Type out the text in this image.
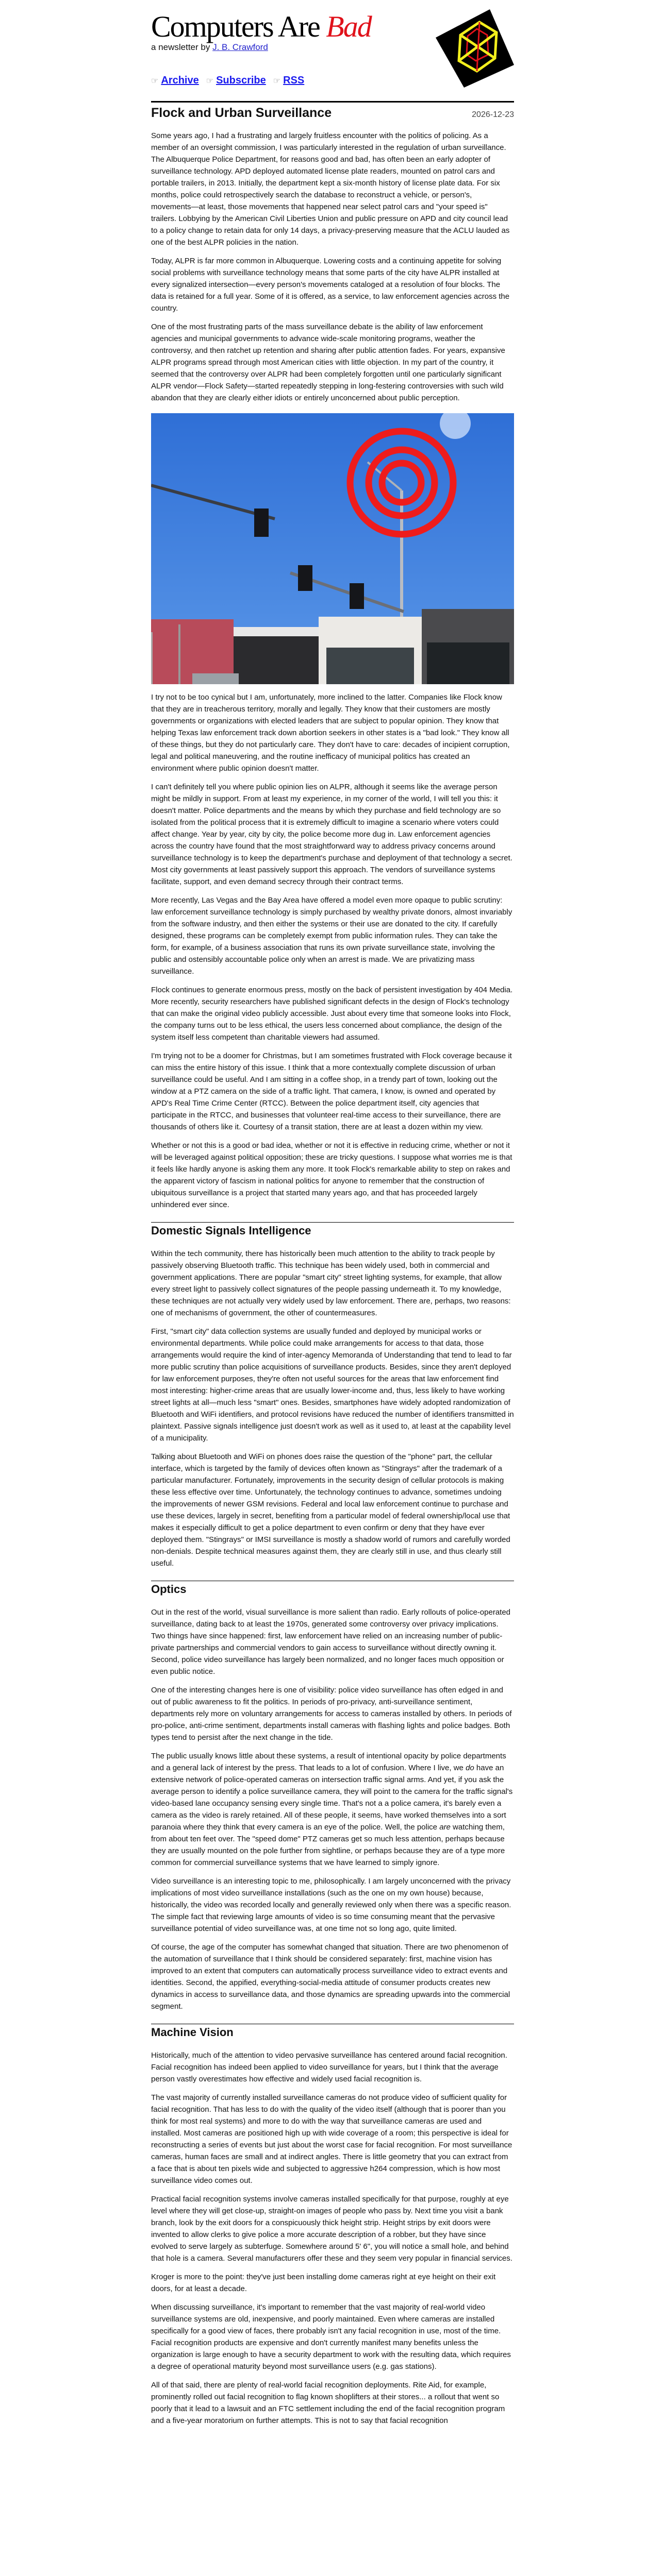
Computers Are Bad
a newsletter by J. B. Crawford
☞ Archive ☞ Subscribe ☞ RSS
Flock and Urban Surveillance	2026-12-23

Some years ago, I had a frustrating and largely fruitless encounter with the politics of policing. As a member of an oversight commission, I was particularly interested in the regulation of urban surveillance. The Albuquerque Police Department, for reasons good and bad, has often been an early adopter of surveillance technology. APD deployed automated license plate readers, mounted on patrol cars and portable trailers, in 2013. Initially, the department kept a six-month history of license plate data. For six months, police could retrospectively search the database to reconstruct a vehicle, or person's, movements—at least, those movements that happened near select patrol cars and "your speed is" trailers. Lobbying by the American Civil Liberties Union and public pressure on APD and city council lead to a policy change to retain data for only 14 days, a privacy-preserving measure that the ACLU lauded as one of the best ALPR policies in the nation.

Today, ALPR is far more common in Albuquerque. Lowering costs and a continuing appetite for solving social problems with surveillance technology means that some parts of the city have ALPR installed at every signalized intersection—every person's movements cataloged at a resolution of four blocks. The data is retained for a full year. Some of it is offered, as a service, to law enforcement agencies across the country.

One of the most frustrating parts of the mass surveillance debate is the ability of law enforcement agencies and municipal governments to advance wide-scale monitoring programs, weather the controversy, and then ratchet up retention and sharing after public attention fades. For years, expansive ALPR programs spread through most American cities with little objection. In my part of the country, it seemed that the controversy over ALPR had been completely forgotten until one particularly significant ALPR vendor—Flock Safety—started repeatedly stepping in long-festering controversies with such wild abandon that they are clearly either idiots or entirely unconcerned about public perception.

I try not to be too cynical but I am, unfortunately, more inclined to the latter. Companies like Flock know that they are in treacherous territory, morally and legally. They know that their customers are mostly governments or organizations with elected leaders that are subject to popular opinion. They know that helping Texas law enforcement track down abortion seekers in other states is a "bad look." They know all of these things, but they do not particularly care. They don't have to care: decades of incipient corruption, legal and political maneuvering, and the routine inefficacy of municipal politics has created an environment where public opinion doesn't matter.

I can't definitely tell you where public opinion lies on ALPR, although it seems like the average person might be mildly in support. From at least my experience, in my corner of the world, I will tell you this: it doesn't matter. Police departments and the means by which they purchase and field technology are so isolated from the political process that it is extremely difficult to imagine a scenario where voters could affect change. Year by year, city by city, the police become more dug in. Law enforcement agencies across the country have found that the most straightforward way to address privacy concerns around surveillance technology is to keep the department's purchase and deployment of that technology a secret. Most city governments at least passively support this approach. The vendors of surveillance systems facilitate, support, and even demand secrecy through their contract terms.

More recently, Las Vegas and the Bay Area have offered a model even more opaque to public scrutiny: law enforcement surveillance technology is simply purchased by wealthy private donors, almost invariably from the software industry, and then either the systems or their use are donated to the city. If carefully designed, these programs can be completely exempt from public information rules. They can take the form, for example, of a business association that runs its own private surveillance state, involving the public and ostensibly accountable police only when an arrest is made. We are privatizing mass surveillance.

Flock continues to generate enormous press, mostly on the back of persistent investigation by 404 Media. More recently, security researchers have published significant defects in the design of Flock's technology that can make the original video publicly accessible. Just about every time that someone looks into Flock, the company turns out to be less ethical, the users less concerned about compliance, the design of the system itself less competent than charitable viewers had assumed.

I'm trying not to be a doomer for Christmas, but I am sometimes frustrated with Flock coverage because it can miss the entire history of this issue. I think that a more contextually complete discussion of urban surveillance could be useful. And I am sitting in a coffee shop, in a trendy part of town, looking out the window at a PTZ camera on the side of a traffic light. That camera, I know, is owned and operated by APD's Real Time Crime Center (RTCC). Between the police department itself, city agencies that participate in the RTCC, and businesses that volunteer real-time access to their surveillance, there are thousands of others like it. Courtesy of a transit station, there are at least a dozen within my view.

Whether or not this is a good or bad idea, whether or not it is effective in reducing crime, whether or not it will be leveraged against political opposition; these are tricky questions. I suppose what worries me is that it feels like hardly anyone is asking them any more. It took Flock's remarkable ability to step on rakes and the apparent victory of fascism in national politics for anyone to remember that the construction of ubiquitous surveillance is a project that started many years ago, and that has proceeded largely unhindered ever since.

Domestic Signals Intelligence

Within the tech community, there has historically been much attention to the ability to track people by passively observing Bluetooth traffic. This technique has been widely used, both in commercial and government applications. There are popular "smart city" street lighting systems, for example, that allow every street light to passively collect signatures of the people passing underneath it. To my knowledge, these techniques are not actually very widely used by law enforcement. There are, perhaps, two reasons: one of mechanisms of government, the other of countermeasures.

First, "smart city" data collection systems are usually funded and deployed by municipal works or environmental departments. While police could make arrangements for access to that data, those arrangements would require the kind of inter-agency Memoranda of Understanding that tend to lead to far more public scrutiny than police acquisitions of surveillance products. Besides, since they aren't deployed for law enforcement purposes, they're often not useful sources for the areas that law enforcement find most interesting: higher-crime areas that are usually lower-income and, thus, less likely to have working street lights at all—much less "smart" ones. Besides, smartphones have widely adopted randomization of Bluetooth and WiFi identifiers, and protocol revisions have reduced the number of identifiers transmitted in plaintext. Passive signals intelligence just doesn't work as well as it used to, at least at the capability level of a municipality.

Talking about Bluetooth and WiFi on phones does raise the question of the "phone" part, the cellular interface, which is targeted by the family of devices often known as "Stingrays" after the trademark of a particular manufacturer. Fortunately, improvements in the security design of cellular protocols is making these less effective over time. Unfortunately, the technology continues to advance, sometimes undoing the improvements of newer GSM revisions. Federal and local law enforcement continue to purchase and use these devices, largely in secret, benefiting from a particular model of federal ownership/local use that makes it especially difficult to get a police department to even confirm or deny that they have ever deployed them. "Stingrays" or IMSI surveillance is mostly a shadow world of rumors and carefully worded non-denials. Despite technical measures against them, they are clearly still in use, and thus clearly still useful.

Optics

Out in the rest of the world, visual surveillance is more salient than radio. Early rollouts of police-operated surveillance, dating back to at least the 1970s, generated some controversy over privacy implications. Two things have since happened: first, law enforcement have relied on an increasing number of public-private partnerships and commercial vendors to gain access to surveillance without directly owning it. Second, police video surveillance has largely been normalized, and no longer faces much opposition or even public notice.

One of the interesting changes here is one of visibility: police video surveillance has often edged in and out of public awareness to fit the politics. In periods of pro-privacy, anti-surveillance sentiment, departments rely more on voluntary arrangements for access to cameras installed by others. In periods of pro-police, anti-crime sentiment, departments install cameras with flashing lights and police badges. Both types tend to persist after the next change in the tide.

The public usually knows little about these systems, a result of intentional opacity by police departments and a general lack of interest by the press. That leads to a lot of confusion. Where I live, we do have an extensive network of police-operated cameras on intersection traffic signal arms. And yet, if you ask the average person to identify a police surveillance camera, they will point to the camera for the traffic signal's video-based lane occupancy sensing every single time. That's not a a police camera, it's barely even a camera as the video is rarely retained. All of these people, it seems, have worked themselves into a sort paranoia where they think that every camera is an eye of the police. Well, the police are watching them, from about ten feet over. The "speed dome" PTZ cameras get so much less attention, perhaps because they are usually mounted on the pole further from sightline, or perhaps because they are of a type more common for commercial surveillance systems that we have learned to simply ignore.

Video surveillance is an interesting topic to me, philosophically. I am largely unconcerned with the privacy implications of most video surveillance installations (such as the one on my own house) because, historically, the video was recorded locally and generally reviewed only when there was a specific reason. The simple fact that reviewing large amounts of video is so time consuming meant that the pervasive surveillance potential of video surveillance was, at one time not so long ago, quite limited.

Of course, the age of the computer has somewhat changed that situation. There are two phenomenon of the automation of surveillance that I think should be considered separately: first, machine vision has improved to an extent that computers can automatically process surveillance video to extract events and identities. Second, the appified, everything-social-media attitude of consumer products creates new dynamics in access to surveillance data, and those dynamics are spreading upwards into the commercial segment.

Machine Vision

Historically, much of the attention to video pervasive surveillance has centered around facial recognition. Facial recognition has indeed been applied to video surveillance for years, but I think that the average person vastly overestimates how effective and widely used facial recognition is.

The vast majority of currently installed surveillance cameras do not produce video of sufficient quality for facial recognition. That has less to do with the quality of the video itself (although that is poorer than you think for most real systems) and more to do with the way that surveillance cameras are used and installed. Most cameras are positioned high up with wide coverage of a room; this perspective is ideal for reconstructing a series of events but just about the worst case for facial recognition. For most surveillance cameras, human faces are small and at indirect angles. There is little geometry that you can extract from a face that is about ten pixels wide and subjected to aggressive h264 compression, which is how most surveillance video comes out.

Practical facial recognition systems involve cameras installed specifically for that purpose, roughly at eye level where they will get close-up, straight-on images of people who pass by. Next time you visit a bank branch, look by the exit doors for a conspicuously thick height strip. Height strips by exit doors were invented to allow clerks to give police a more accurate description of a robber, but they have since evolved to serve largely as subterfuge. Somewhere around 5' 6", you will notice a small hole, and behind that hole is a camera. Several manufacturers offer these and they seem very popular in financial services.

Kroger is more to the point: they've just been installing dome cameras right at eye height on their exit doors, for at least a decade.

When discussing surveillance, it's important to remember that the vast majority of real-world video surveillance systems are old, inexpensive, and poorly maintained. Even where cameras are installed specifically for a good view of faces, there probably isn't any facial recognition in use, most of the time. Facial recognition products are expensive and don't currently manifest many benefits unless the organization is large enough to have a security department to work with the resulting data, which requires a degree of operational maturity beyond most surveillance users (e.g. gas stations).

All of that said, there are plenty of real-world facial recognition deployments. Rite Aid, for example, prominently rolled out facial recognition to flag known shoplifters at their stores... a rollout that went so poorly that it lead to a lawsuit and an FTC settlement including the end of the facial recognition program and a five-year moratorium on further attempts. This is not to say that facial recognition
